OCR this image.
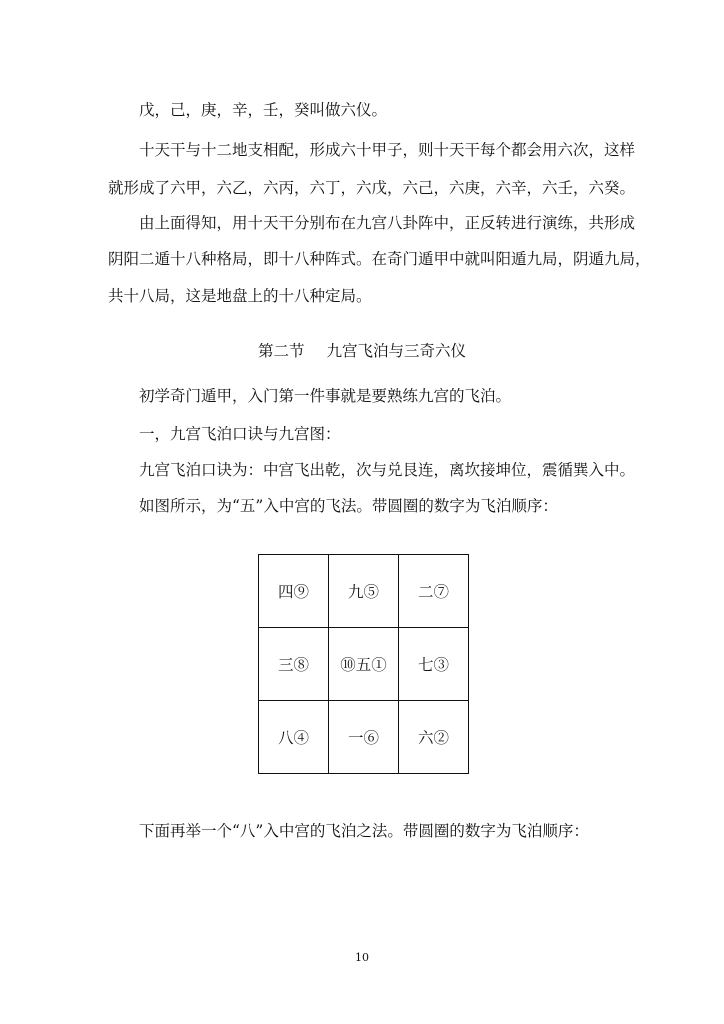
戊，己，庚，辛，壬，癸叫做六仪。
十天干与十二地支相配，形成六十甲子，则十天干每个都会用六次，这样
就形成了六甲，六乙，六丙，六丁，六戊，六己，六庚，六辛，六壬，六癸。
由上面得知，用十天干分别布在九宫八卦阵中，正反转进行演练，共形成
阴阳二遁十八种格局，即十八种阵式。在奇门遁甲中就叫阳遁九局，阴遁九局，
共十八局，这是地盘上的十八种定局。
第二节 九宫飞泊与三奇六仪
初学奇门遁甲，入门第一件事就是要熟练九宫的飞泊。
一，九宫飞泊口诀与九宫图：
九宫飞泊口诀为：中宫飞出乾，次与兑艮连，离坎接坤位，震循巽入中。
如图所示，为“五”入中宫的飞法。带圆圈的数字为飞泊顺序：
四⑨	九⑤	二⑦
三⑧	⑩五①	七③
八④	一⑥	六②
下面再举一个“八”入中宫的飞泊之法。带圆圈的数字为飞泊顺序：
10
